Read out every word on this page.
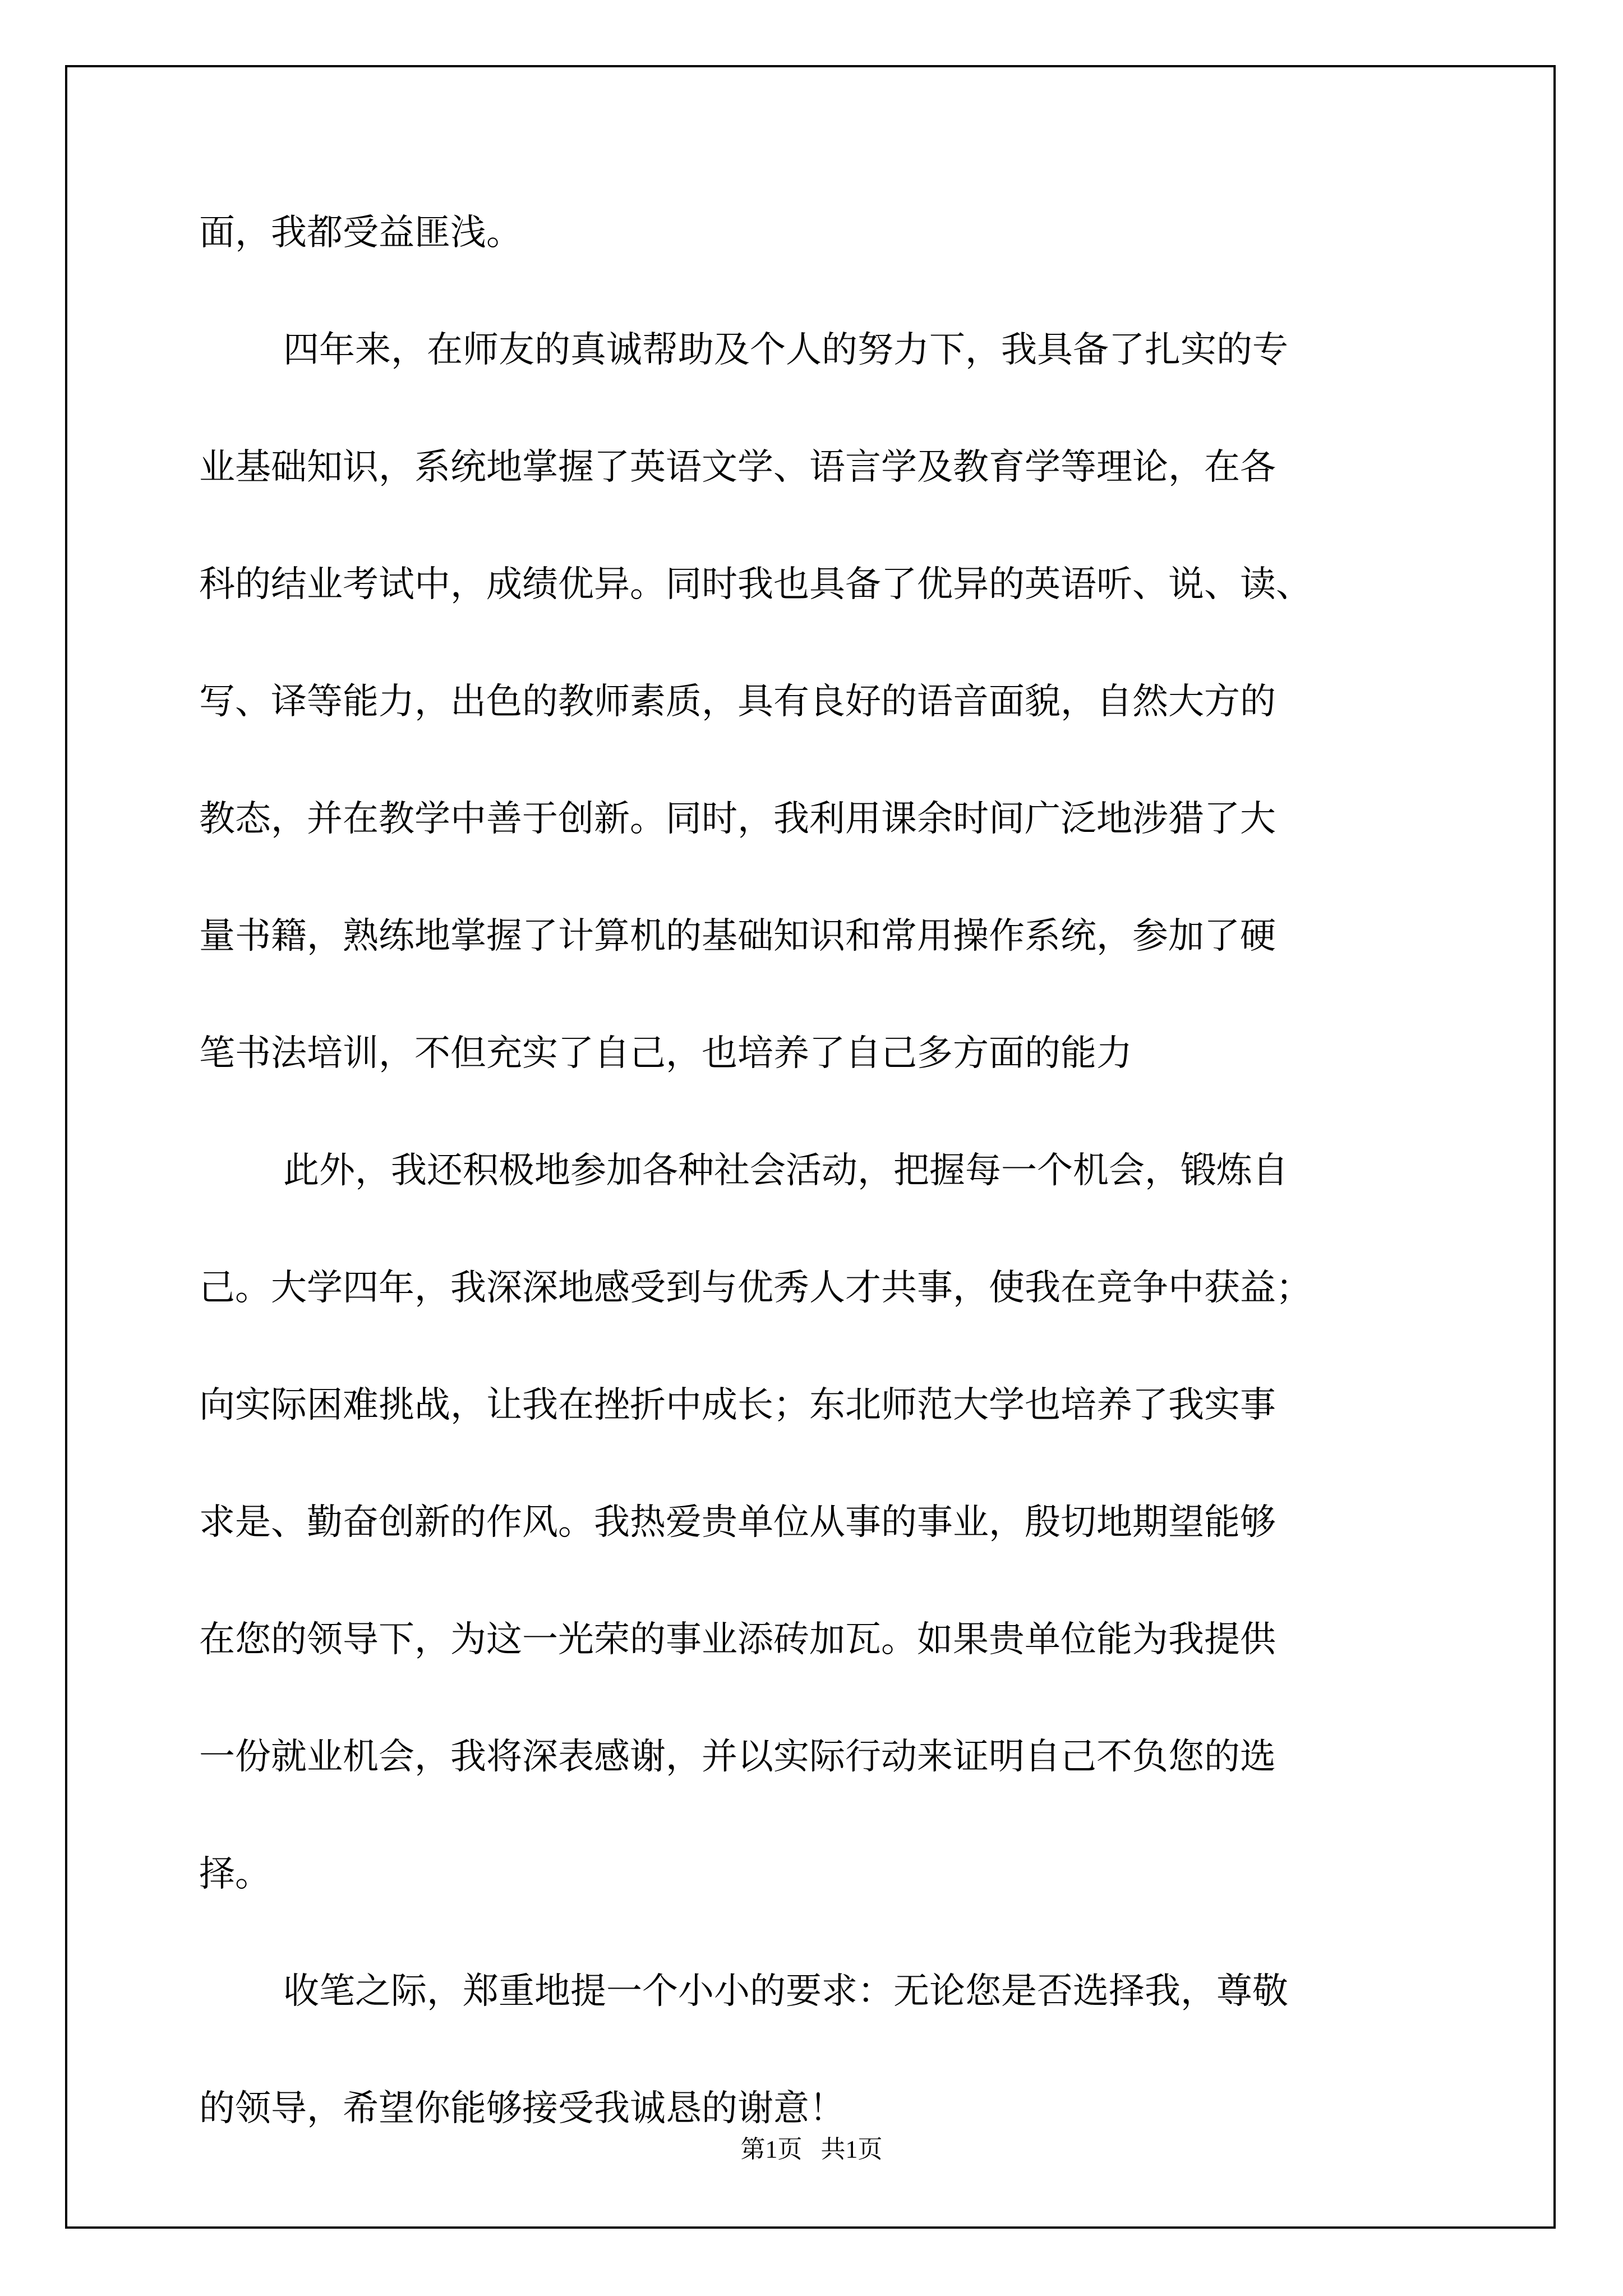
面，我都受益匪浅。
四年来，在师友的真诚帮助及个人的努力下，我具备了扎实的专
业基础知识，系统地掌握了英语文学、语言学及教育学等理论，在各
科的结业考试中，成绩优异。同时我也具备了优异的英语听、说、读、
写、译等能力，出色的教师素质，具有良好的语音面貌，自然大方的
教态，并在教学中善于创新。同时，我利用课余时间广泛地涉猎了大
量书籍，熟练地掌握了计算机的基础知识和常用操作系统，参加了硬
笔书法培训，不但充实了自己，也培养了自己多方面的能力
此外，我还积极地参加各种社会活动，把握每一个机会，锻炼自
己。大学四年，我深深地感受到与优秀人才共事，使我在竞争中获益；
向实际困难挑战，让我在挫折中成长；东北师范大学也培养了我实事
求是、勤奋创新的作风。我热爱贵单位从事的事业，殷切地期望能够
在您的领导下，为这一光荣的事业添砖加瓦。如果贵单位能为我提供
一份就业机会，我将深表感谢，并以实际行动来证明自己不负您的选
择。
收笔之际，郑重地提一个小小的要求：无论您是否选择我，尊敬
的领导，希望你能够接受我诚恳的谢意！
第1页   共1页
